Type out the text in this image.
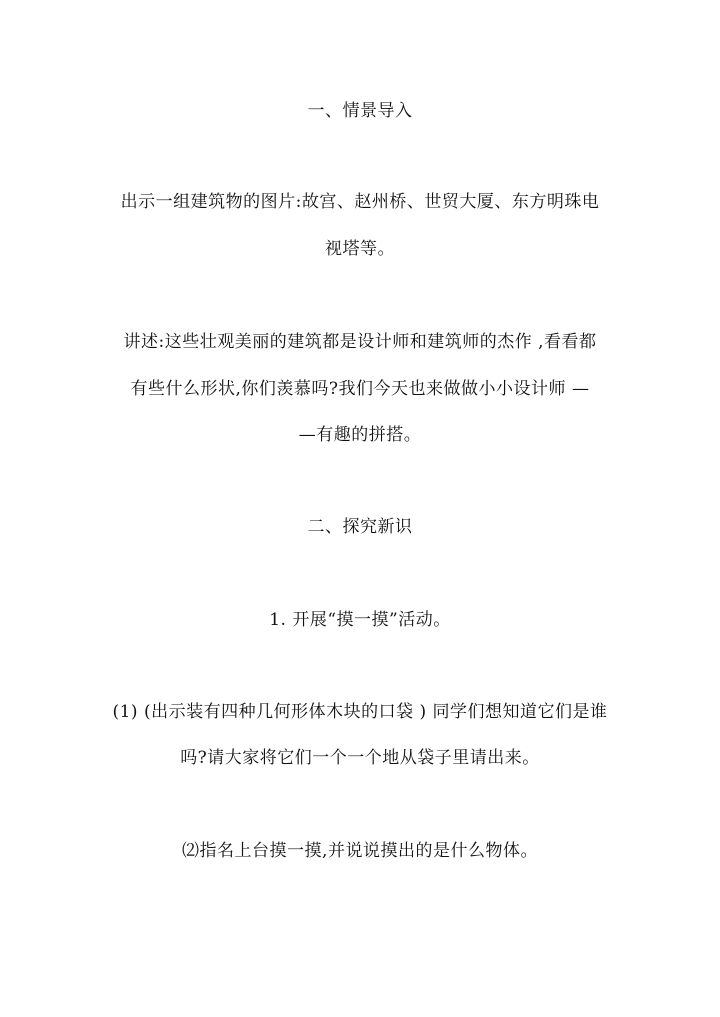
一、情景导入
出示一组建筑物的图片:故宫、赵州桥、世贸大厦、东方明珠电
视塔等。
讲述:这些壮观美丽的建筑都是设计师和建筑师的杰作 ,看看都
有些什么形状,你们羡慕吗?我们今天也来做做小小设计师 —
—有趣的拼搭。
二、探究新识
1. 开展“摸一摸”活动。
(1) (出示装有四种几何形体木块的口袋 ) 同学们想知道它们是谁
吗?请大家将它们一个一个地从袋子里请出来。
⑵指名上台摸一摸,并说说摸出的是什么物体。
